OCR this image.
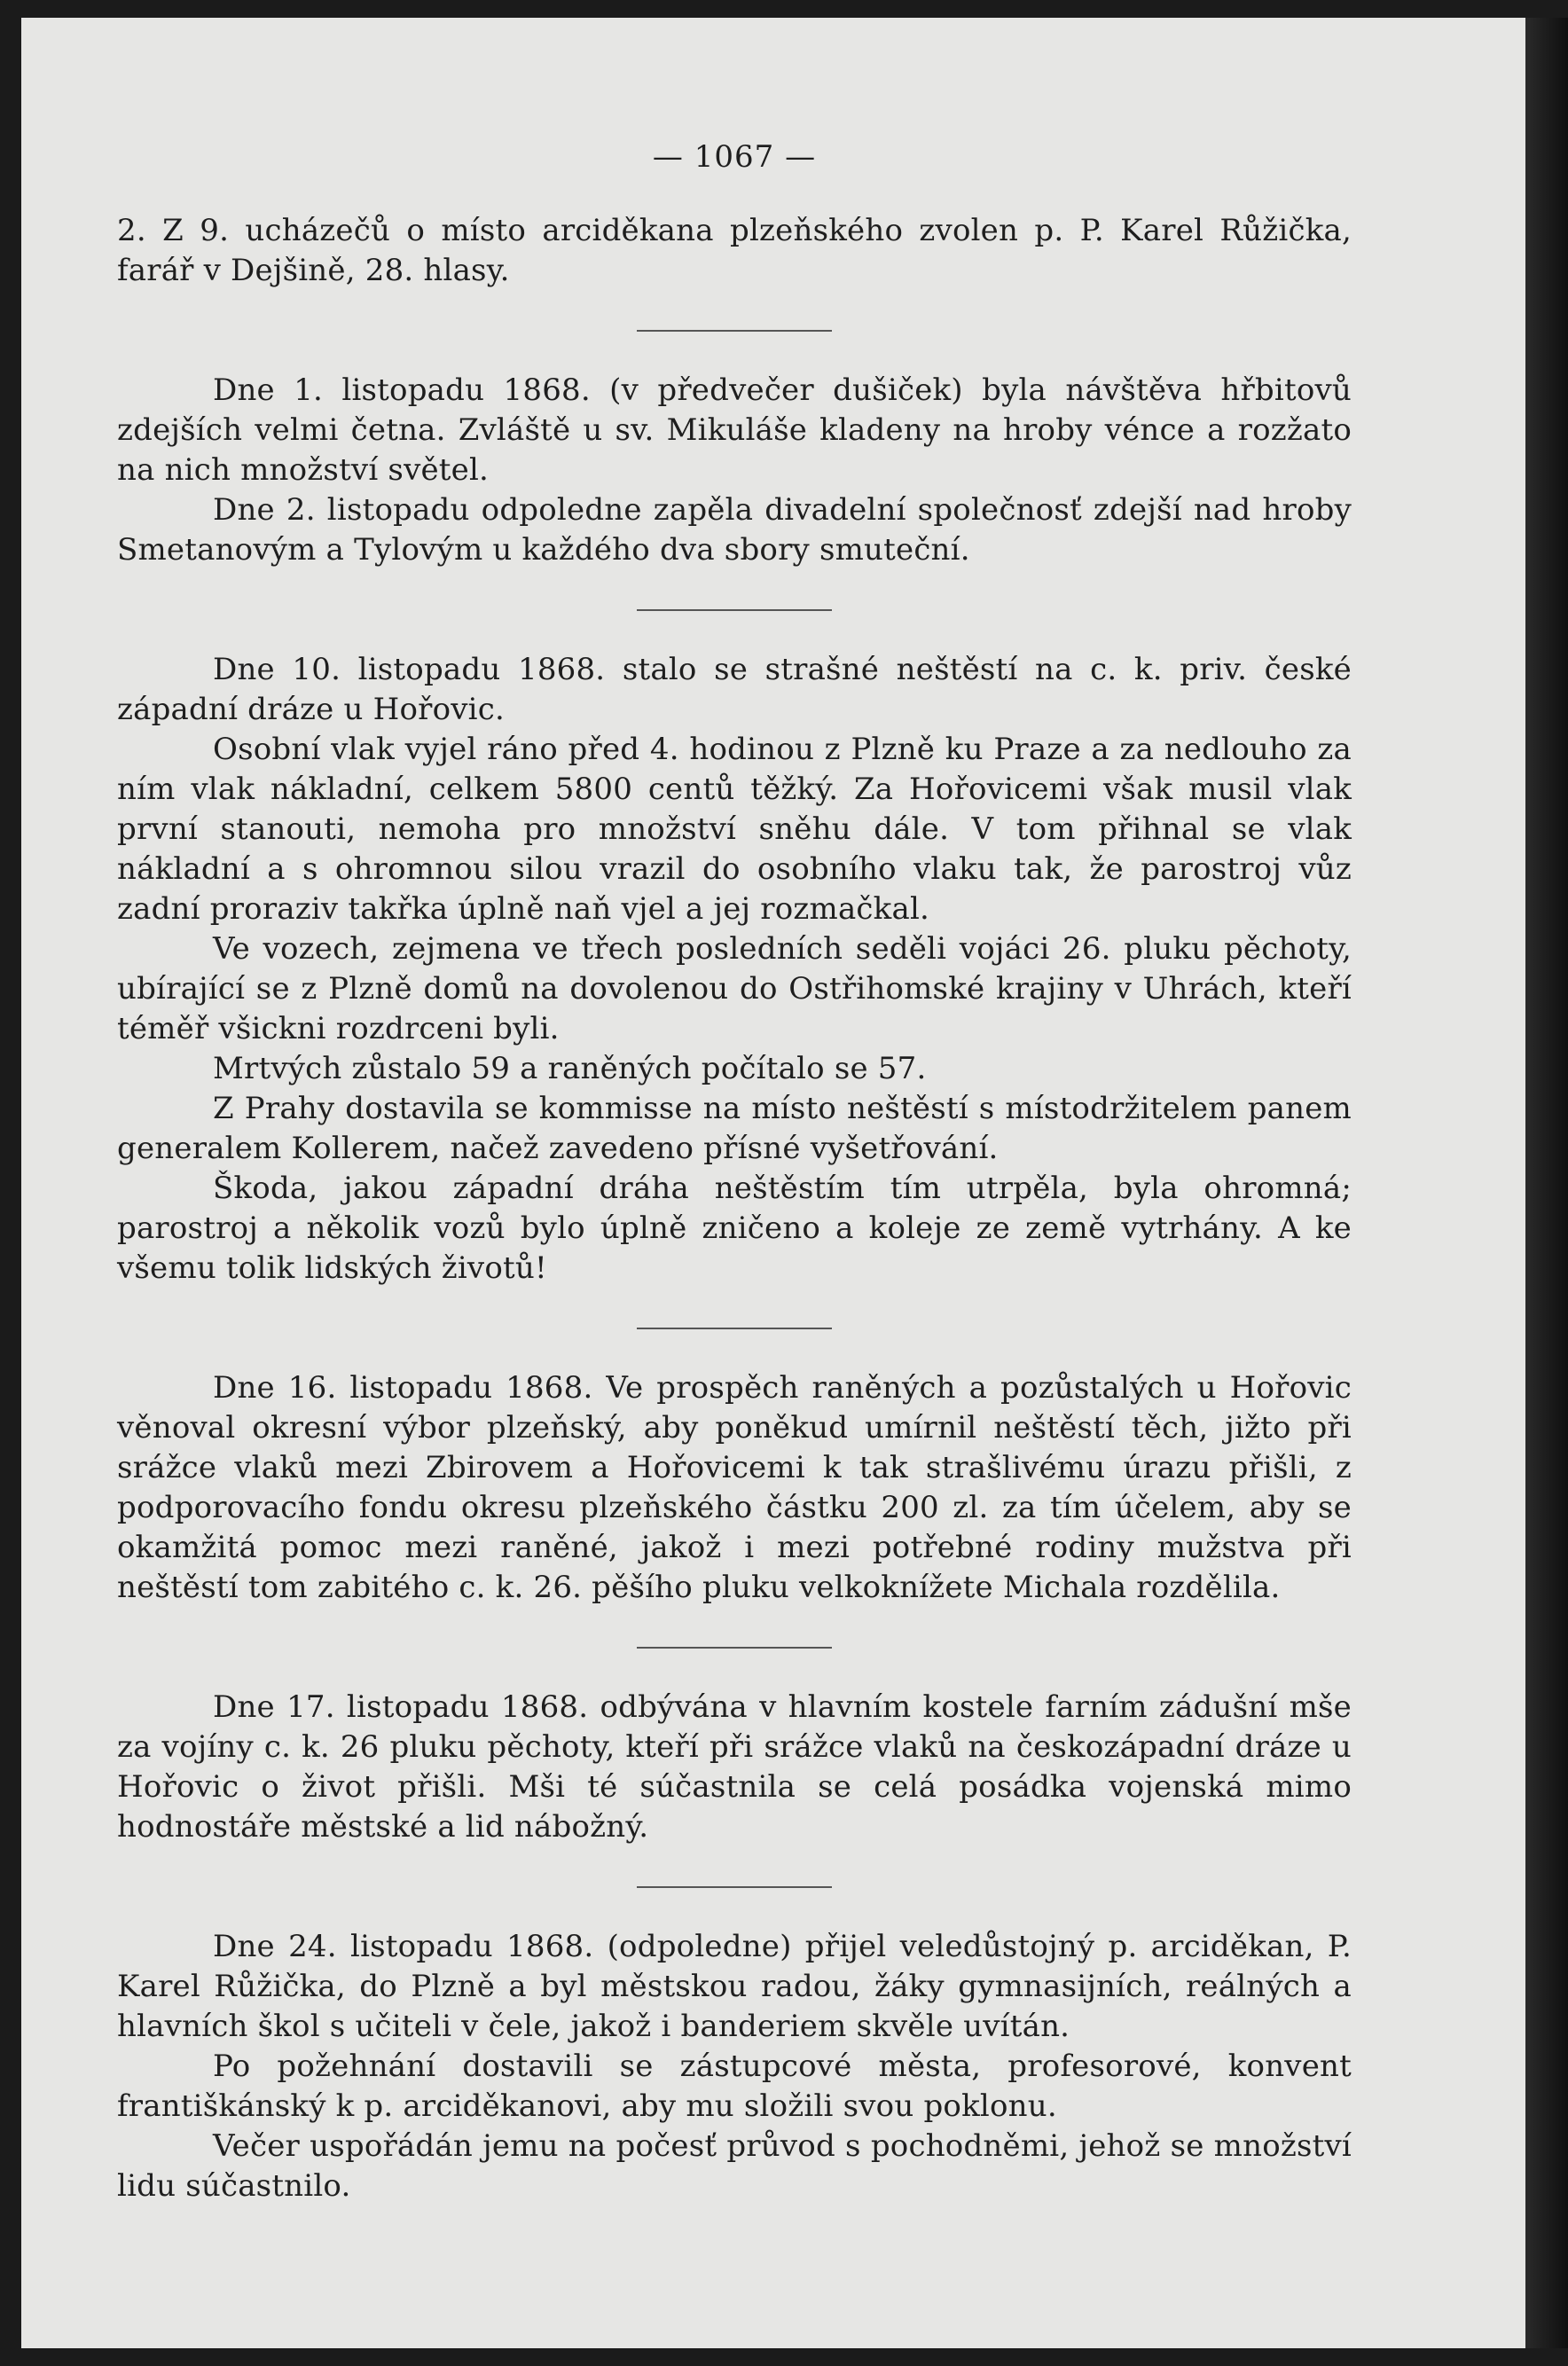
— 1067 —

2. Z 9. ucházečů o místo arciděkana plzeňského zvolen p. P. Karel Růžička, farář v Dejšině, 28. hlasy.

Dne 1. listopadu 1868. (v předvečer dušiček) byla návštěva hřbitovů zdejších velmi četna. Zvláště u sv. Mikuláše kladeny na hroby vénce a rozžato na nich množství světel.

Dne 2. listopadu odpoledne zapěla divadelní společnosť zdejší nad hroby Smetanovým a Tylovým u každého dva sbory smuteční.

Dne 10. listopadu 1868. stalo se strašné neštěstí na c. k. priv. české západní dráze u Hořovic.

Osobní vlak vyjel ráno před 4. hodinou z Plzně ku Praze a za nedlouho za ním vlak nákladní, celkem 5800 centů těžký. Za Hořovicemi však musil vlak první stanouti, nemoha pro množství sněhu dále. V tom přihnal se vlak nákladní a s ohromnou silou vrazil do osobního vlaku tak, že parostroj vůz zadní proraziv takřka úplně naň vjel a jej rozmačkal.

Ve vozech, zejmena ve třech posledních seděli vojáci 26. pluku pěchoty, ubírající se z Plzně domů na dovolenou do Ostřihomské krajiny v Uhrách, kteří téměř všickni rozdrceni byli.

Mrtvých zůstalo 59 a raněných počítalo se 57.

Z Prahy dostavila se kommisse na místo neštěstí s místodržitelem panem generalem Kollerem, načež zavedeno přísné vyšetřování.

Škoda, jakou západní dráha neštěstím tím utrpěla, byla ohromná; parostroj a několik vozů bylo úplně zničeno a koleje ze země vytrhány. A ke všemu tolik lidských životů!

Dne 16. listopadu 1868. Ve prospěch raněných a pozůstalých u Hořovic věnoval okresní výbor plzeňský, aby poněkud umírnil neštěstí těch, jižto při srážce vlaků mezi Zbirovem a Hořovicemi k tak strašlivému úrazu přišli, z podporovacího fondu okresu plzeňského částku 200 zl. za tím účelem, aby se okamžitá pomoc mezi raněné, jakož i mezi potřebné rodiny mužstva při neštěstí tom zabitého c. k. 26. pěšího pluku velkoknížete Michala rozdělila.

Dne 17. listopadu 1868. odbývána v hlavním kostele farním zádušní mše za vojíny c. k. 26 pluku pěchoty, kteří při srážce vlaků na českozápadní dráze u Hořovic o život přišli. Mši té súčastnila se celá posádka vojenská mimo hodnostáře městské a lid nábožný.

Dne 24. listopadu 1868. (odpoledne) přijel veledůstojný p. arciděkan, P. Karel Růžička, do Plzně a byl městskou radou, žáky gymnasijních, reálných a hlavních škol s učiteli v čele, jakož i banderiem skvěle uvítán.

Po požehnání dostavili se zástupcové města, profesorové, konvent františkánský k p. arciděkanovi, aby mu složili svou poklonu.

Večer uspořádán jemu na počesť průvod s pochodněmi, jehož se množství lidu súčastnilo.
